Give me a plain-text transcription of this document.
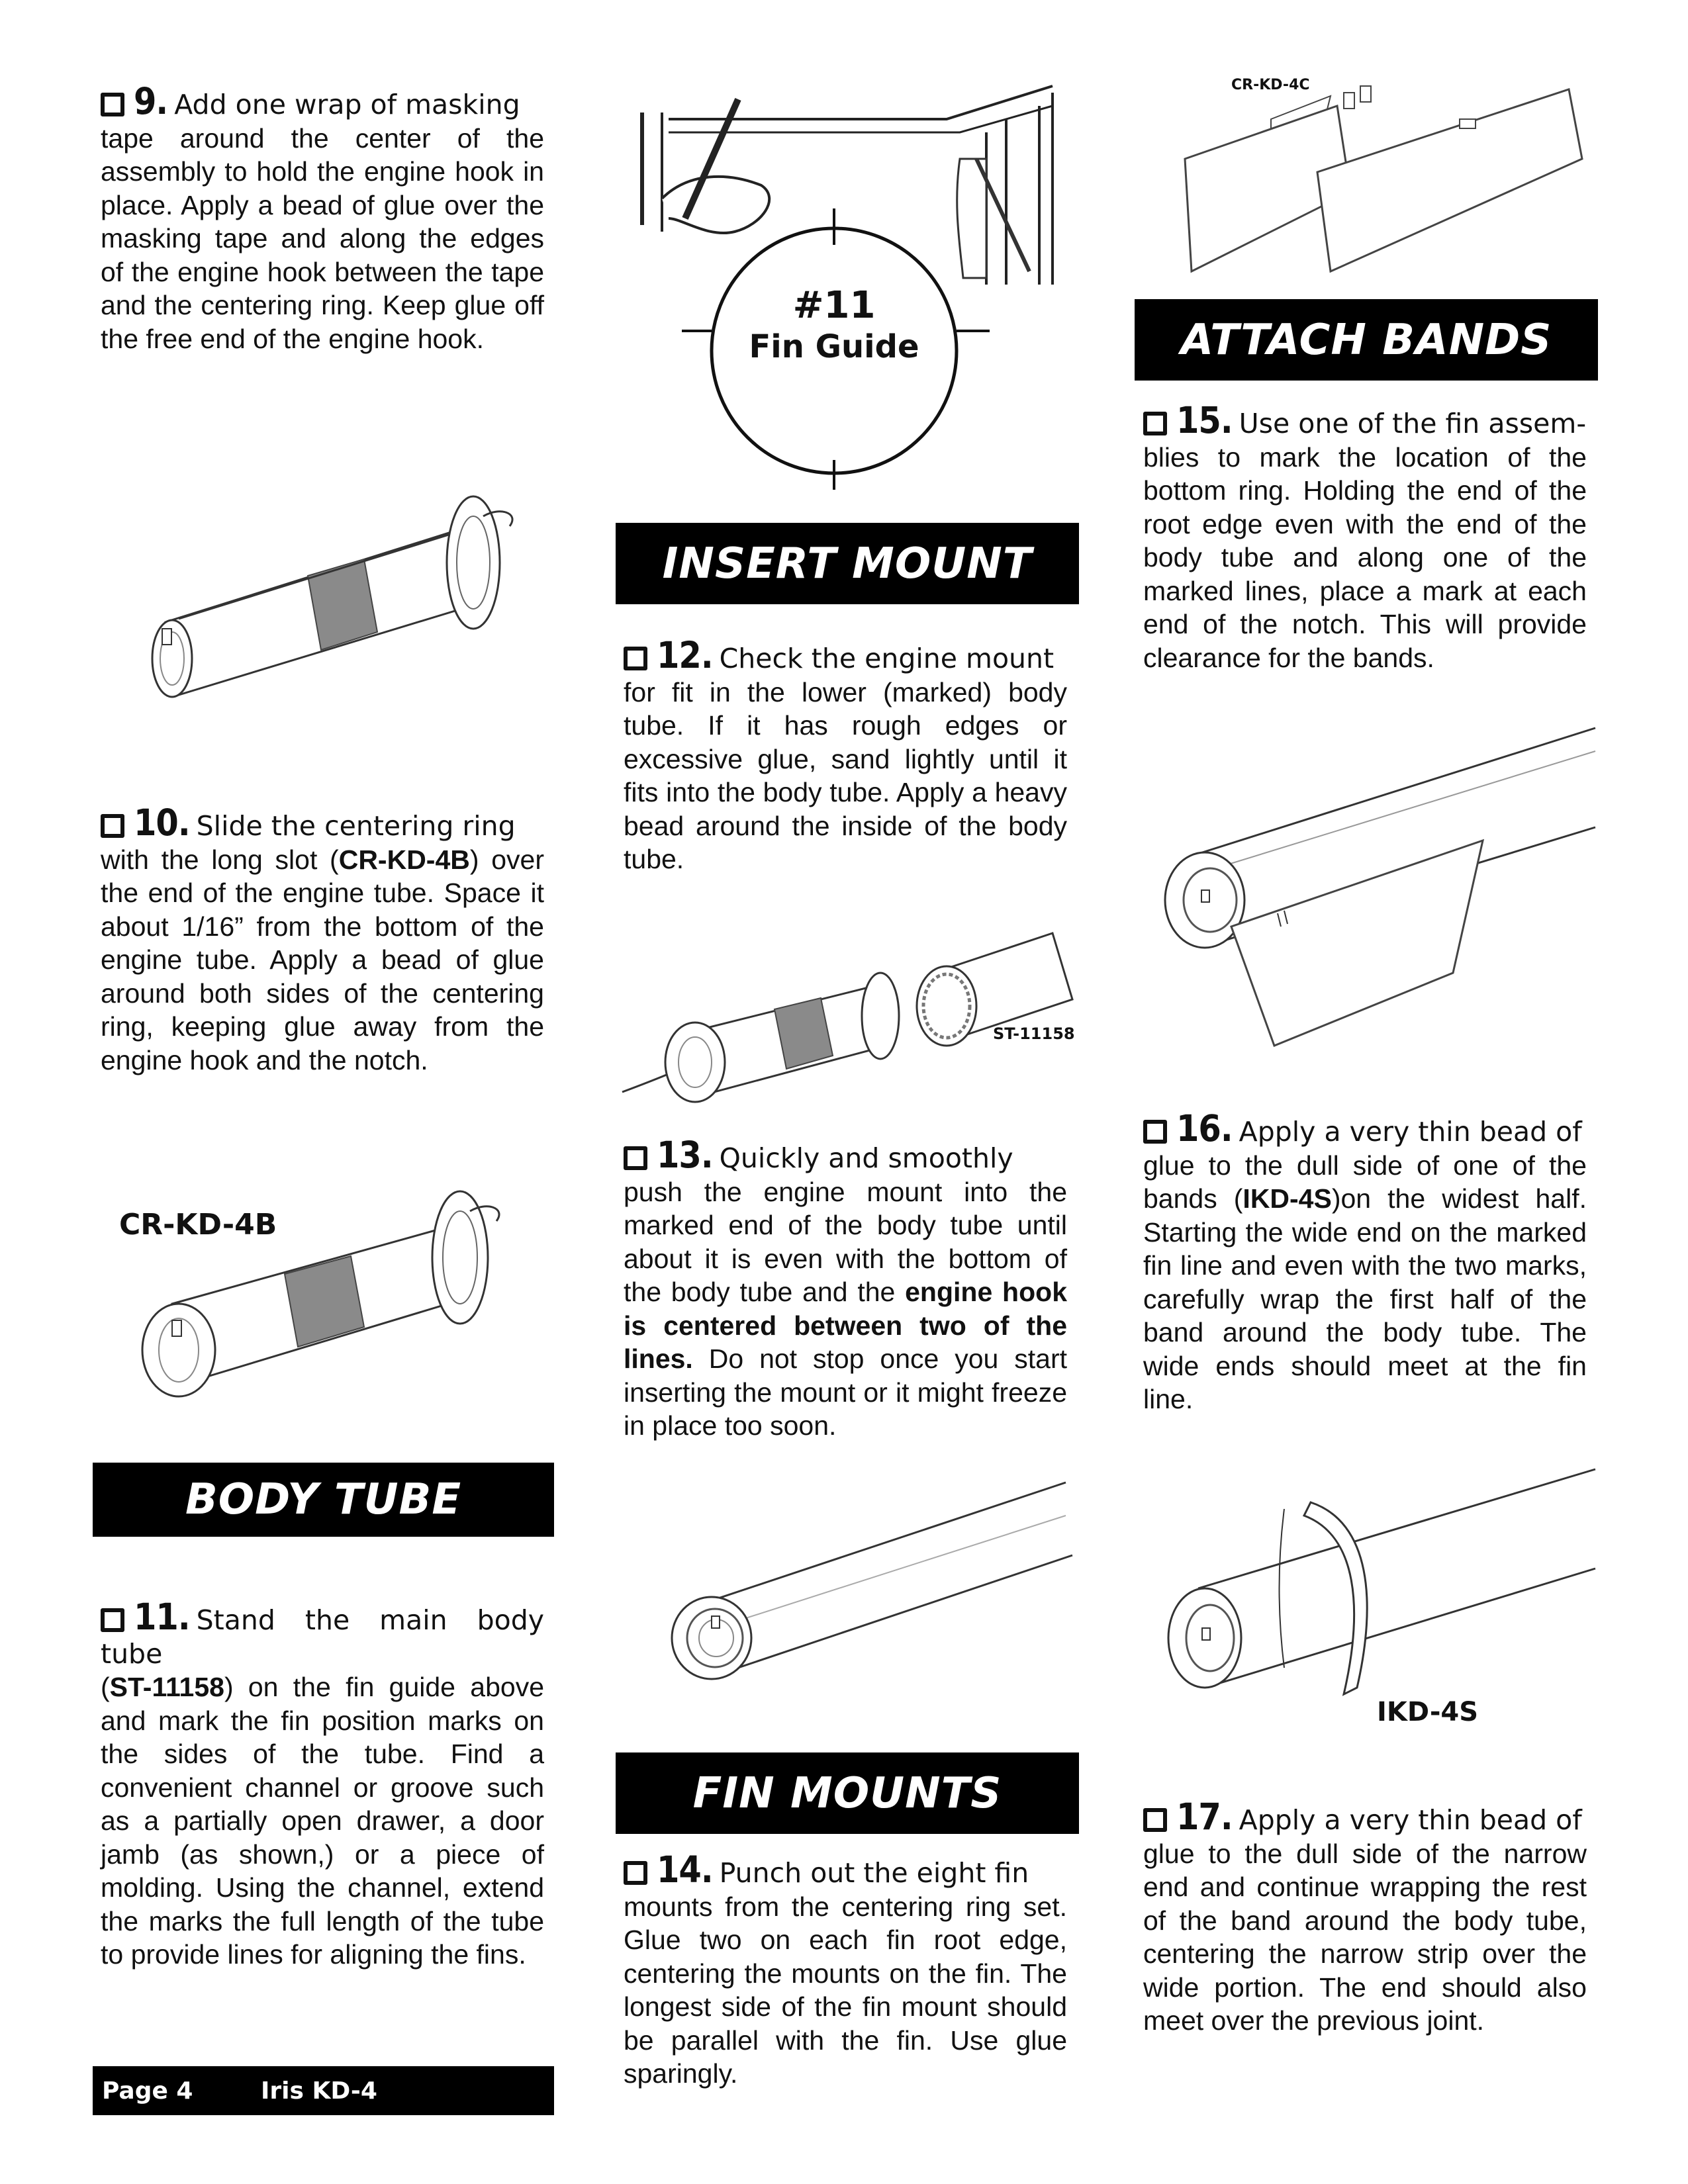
9. Add one wrap of masking

tape around the center of the assembly to hold the engine hook in place. Apply a bead of glue over the masking tape and along the edges of the engine hook between the tape and the centering ring. Keep glue off the free end of the engine hook.

10. Slide the centering ring

with the long slot (CR-KD-4B) over the end of the engine tube. Space it about 1/16” from the bottom of the engine tube. Apply a bead of glue around both sides of the centering ring, keeping glue away from the engine hook and the notch.

CR-KD-4B
BODY TUBE

11. Stand the main body tube

(ST-11158) on the fin guide above and mark the fin position marks on the sides of the tube. Find a convenient channel or groove such as a partially open drawer, a door jamb (as shown,) or a piece of molding. Using the channel, extend the marks the full length of the tube to provide lines for aligning the fins.

Page 4	Iris KD-4
#11
Fin Guide
INSERT MOUNT

12. Check the engine mount

for fit in the lower (marked) body tube. If it has rough edges or excessive glue, sand lightly until it fits into the body tube. Apply a heavy bead around the inside of the body tube.

ST-11158

13. Quickly and smoothly

push the engine mount into the marked end of the body tube until about it is even with the bottom of the body tube and the engine hook is centered between two of the lines. Do not stop once you start inserting the mount or it might freeze in place too soon.

FIN MOUNTS

14. Punch out the eight fin

mounts from the centering ring set. Glue two on each fin root edge, centering the mounts on the fin. The longest side of the fin mount should be parallel with the fin. Use glue sparingly.

CR-KD-4C
ATTACH BANDS

15. Use one of the fin assem-

blies to mark the location of the bottom ring. Holding the end of the root edge even with the end of the body tube and along one of the marked lines, place a mark at each end of the notch. This will provide clearance for the bands.

16. Apply a very thin bead of

glue to the dull side of one of the bands (IKD-4S)on the widest half. Starting the wide end on the marked fin line and even with the two marks, carefully wrap the first half of the band around the body tube. The wide ends should meet at the fin line.

IKD-4S

17. Apply a very thin bead of

glue to the dull side of the narrow end and continue wrapping the rest of the band around the body tube, centering the narrow strip over the wide portion. The end should also meet over the previous joint.
